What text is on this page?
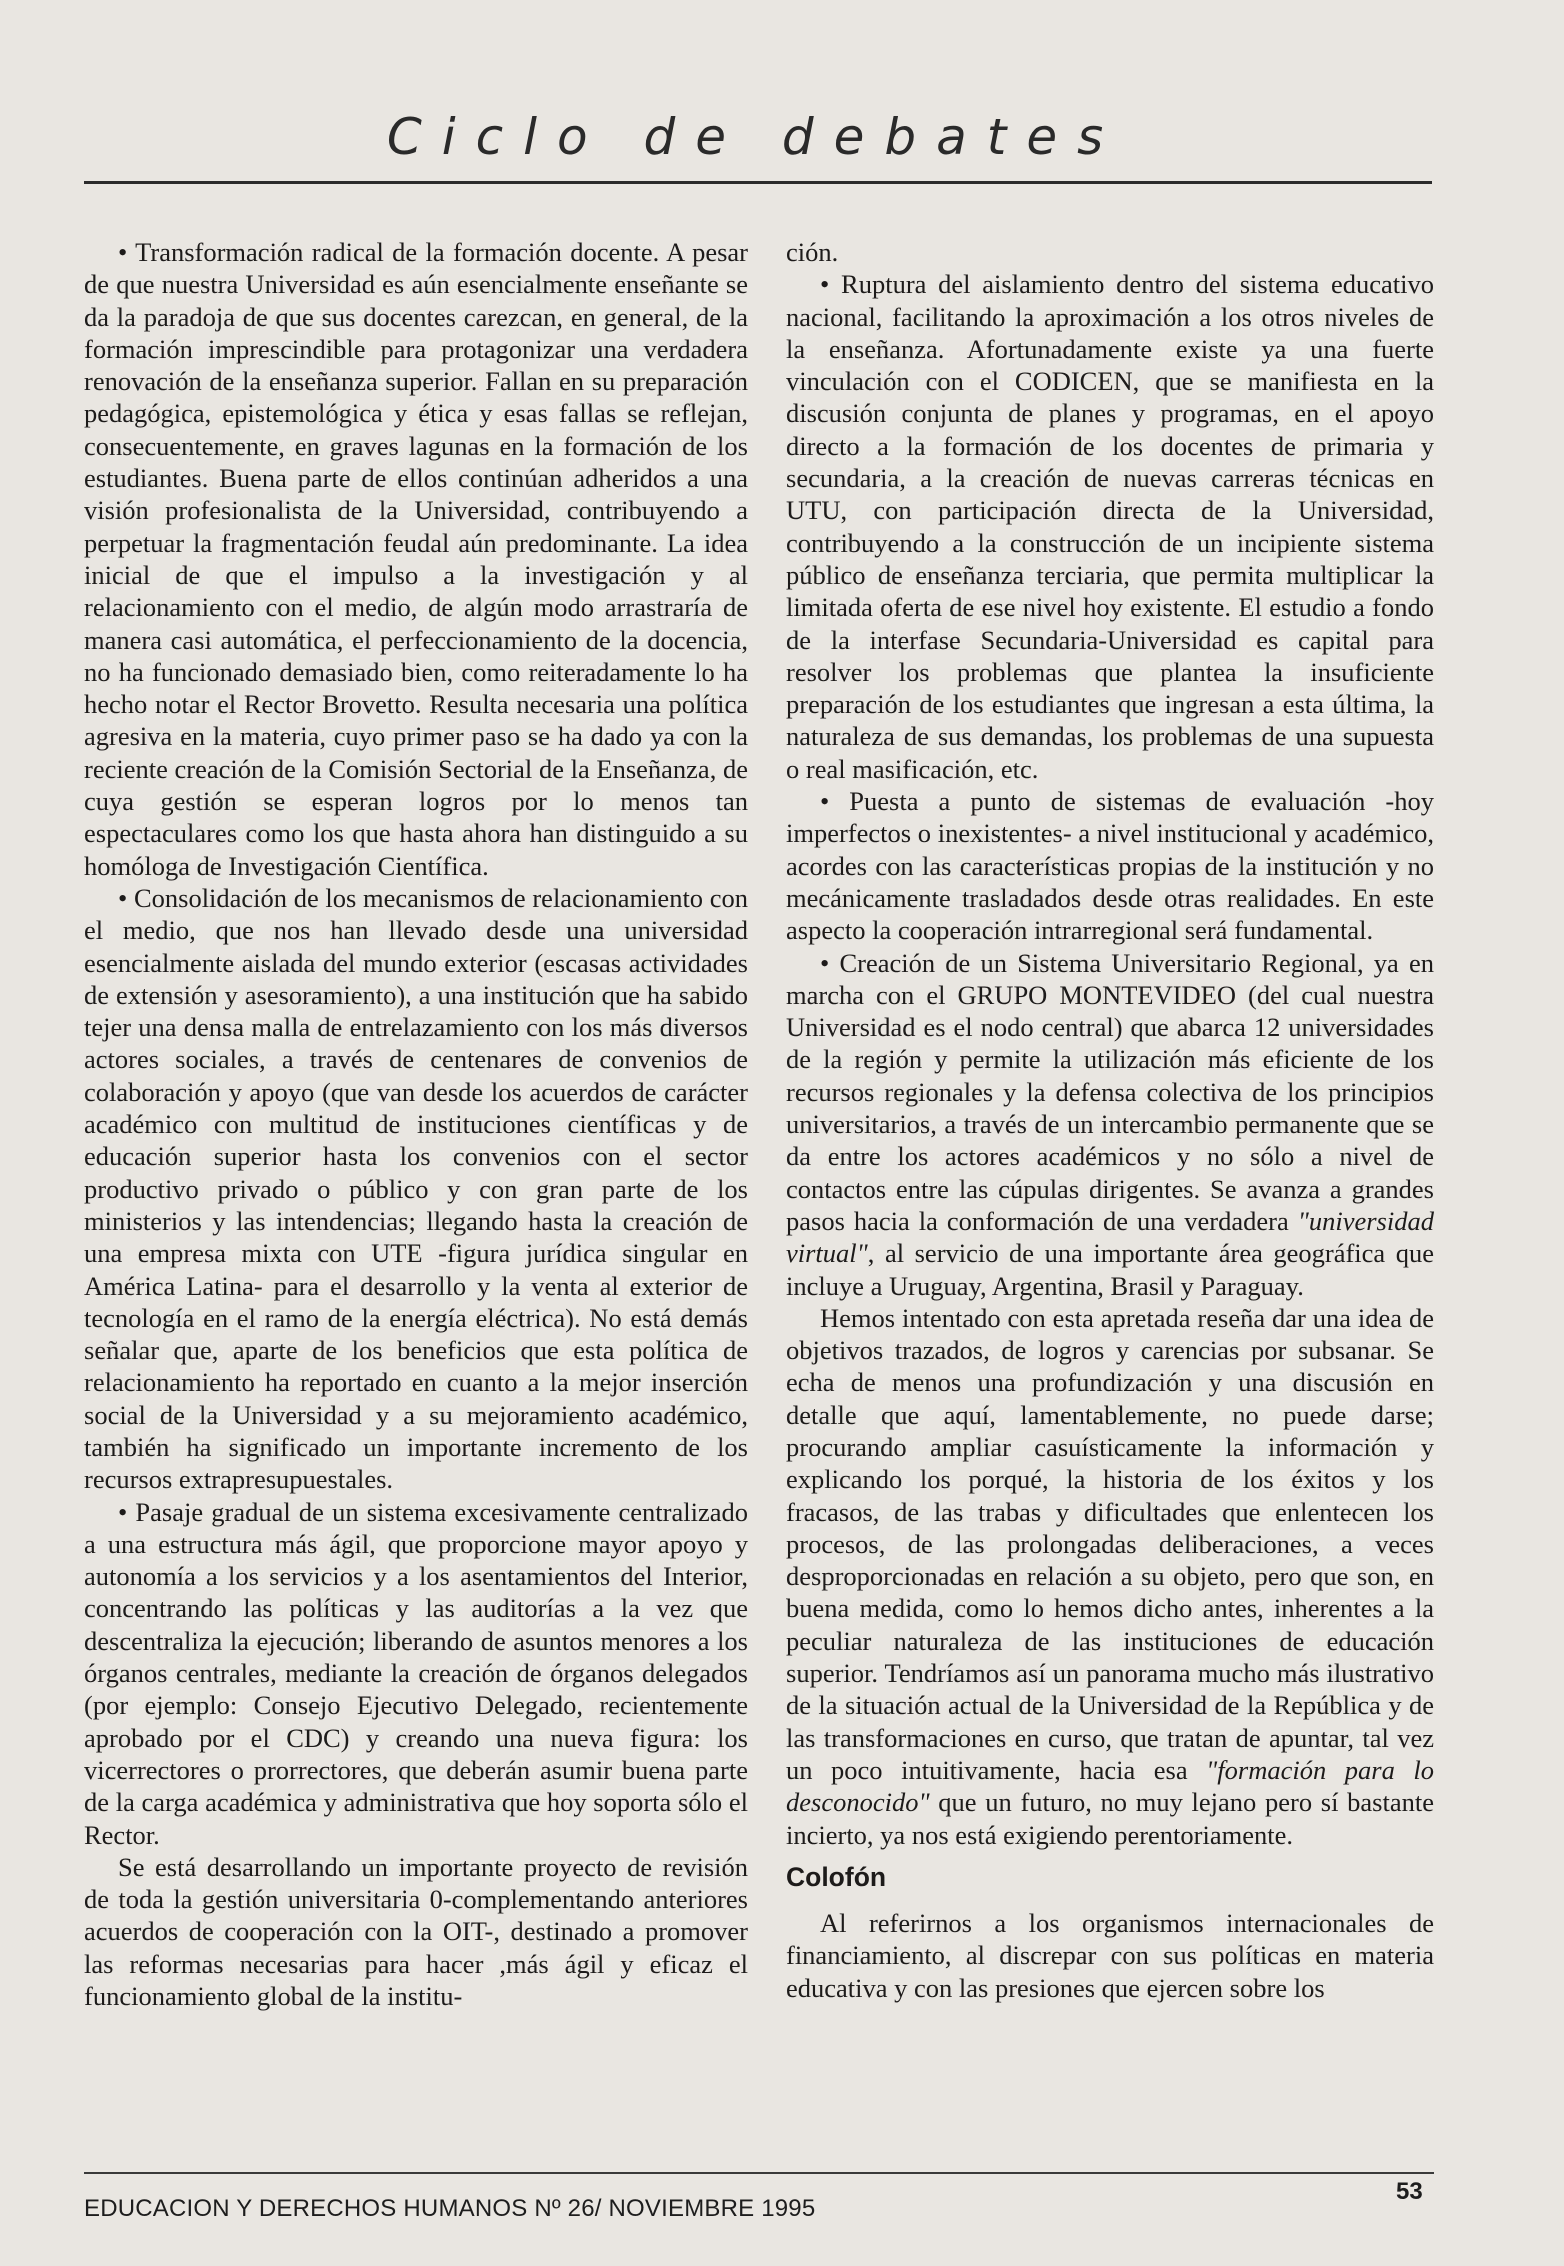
Ciclo de debates

• Transformación radical de la formación docente. A pesar de que nuestra Universidad es aún esencialmente enseñante se da la paradoja de que sus docentes carezcan, en general, de la formación imprescindible para protagonizar una verdadera renovación de la enseñanza superior. Fallan en su preparación pedagógica, epistemológica y ética y esas fallas se reflejan, consecuentemente, en graves lagunas en la formación de los estudiantes. Buena parte de ellos continúan adheridos a una visión profesionalista de la Universidad, contribuyendo a perpetuar la fragmentación feudal aún predominante. La idea inicial de que el impulso a la investigación y al relacionamiento con el medio, de algún modo arrastraría de manera casi automática, el perfeccionamiento de la docencia, no ha funcionado demasiado bien, como reiteradamente lo ha hecho notar el Rector Brovetto. Resulta necesaria una política agresiva en la materia, cuyo primer paso se ha dado ya con la reciente creación de la Comisión Sectorial de la Enseñanza, de cuya gestión se esperan logros por lo menos tan espectaculares como los que hasta ahora han distinguido a su homóloga de Investigación Científica.

• Consolidación de los mecanismos de relacionamiento con el medio, que nos han llevado desde una universidad esencialmente aislada del mundo exterior (escasas actividades de extensión y asesoramiento), a una institución que ha sabido tejer una densa malla de entrelazamiento con los más diversos actores sociales, a través de centenares de convenios de colaboración y apoyo (que van desde los acuerdos de carácter académico con multitud de instituciones científicas y de educación superior hasta los convenios con el sector productivo privado o público y con gran parte de los ministerios y las intendencias; llegando hasta la creación de una empresa mixta con UTE -figura jurídica singular en América Latina- para el desarrollo y la venta al exterior de tecnología en el ramo de la energía eléctrica). No está demás señalar que, aparte de los beneficios que esta política de relacionamiento ha reportado en cuanto a la mejor inserción social de la Universidad y a su mejoramiento académico, también ha significado un importante incremento de los recursos extrapresupuestales.

• Pasaje gradual de un sistema excesivamente centralizado a una estructura más ágil, que proporcione mayor apoyo y autonomía a los servicios y a los asentamientos del Interior, concentrando las políticas y las auditorías a la vez que descentraliza la ejecución; liberando de asuntos menores a los órganos centrales, mediante la creación de órganos delegados (por ejemplo: Consejo Ejecutivo Delegado, recientemente aprobado por el CDC) y creando una nueva figura: los vicerrectores o prorrectores, que deberán asumir buena parte de la carga académica y administrativa que hoy soporta sólo el Rector.

Se está desarrollando un importante proyecto de revisión de toda la gestión universitaria 0-complementando anteriores acuerdos de cooperación con la OIT-, destinado a promover las reformas necesarias para hacer ,más ágil y eficaz el funcionamiento global de la institu-

ción.

• Ruptura del aislamiento dentro del sistema educativo nacional, facilitando la aproximación a los otros niveles de la enseñanza. Afortunadamente existe ya una fuerte vinculación con el CODICEN, que se manifiesta en la discusión conjunta de planes y programas, en el apoyo directo a la formación de los docentes de primaria y secundaria, a la creación de nuevas carreras técnicas en UTU, con participación directa de la Universidad, contribuyendo a la construcción de un incipiente sistema público de enseñanza terciaria, que permita multiplicar la limitada oferta de ese nivel hoy existente. El estudio a fondo de la interfase Secundaria-Universidad es capital para resolver los problemas que plantea la insuficiente preparación de los estudiantes que ingresan a esta última, la naturaleza de sus demandas, los problemas de una supuesta o real masificación, etc.

• Puesta a punto de sistemas de evaluación -hoy imperfectos o inexistentes- a nivel institucional y académico, acordes con las características propias de la institución y no mecánicamente trasladados desde otras realidades. En este aspecto la cooperación intrarregional será fundamental.

• Creación de un Sistema Universitario Regional, ya en marcha con el GRUPO MONTEVIDEO (del cual nuestra Universidad es el nodo central) que abarca 12 universidades de la región y permite la utilización más eficiente de los recursos regionales y la defensa colectiva de los principios universitarios, a través de un intercambio permanente que se da entre los actores académicos y no sólo a nivel de contactos entre las cúpulas dirigentes. Se avanza a grandes pasos hacia la conformación de una verdadera "universidad virtual", al servicio de una importante área geográfica que incluye a Uruguay, Argentina, Brasil y Paraguay.

Hemos intentado con esta apretada reseña dar una idea de objetivos trazados, de logros y carencias por subsanar. Se echa de menos una profundización y una discusión en detalle que aquí, lamentablemente, no puede darse; procurando ampliar casuísticamente la información y explicando los porqué, la historia de los éxitos y los fracasos, de las trabas y dificultades que enlentecen los procesos, de las prolongadas deliberaciones, a veces desproporcionadas en relación a su objeto, pero que son, en buena medida, como lo hemos dicho antes, inherentes a la peculiar naturaleza de las instituciones de educación superior. Tendríamos así un panorama mucho más ilustrativo de la situación actual de la Universidad de la República y de las transformaciones en curso, que tratan de apuntar, tal vez un poco intuitivamente, hacia esa "formación para lo desconocido" que un futuro, no muy lejano pero sí bastante incierto, ya nos está exigiendo perentoriamente.

Colofón

Al referirnos a los organismos internacionales de financiamiento, al discrepar con sus políticas en materia educativa y con las presiones que ejercen sobre los

EDUCACION Y DERECHOS HUMANOS Nº 26/ NOVIEMBRE 1995
53
